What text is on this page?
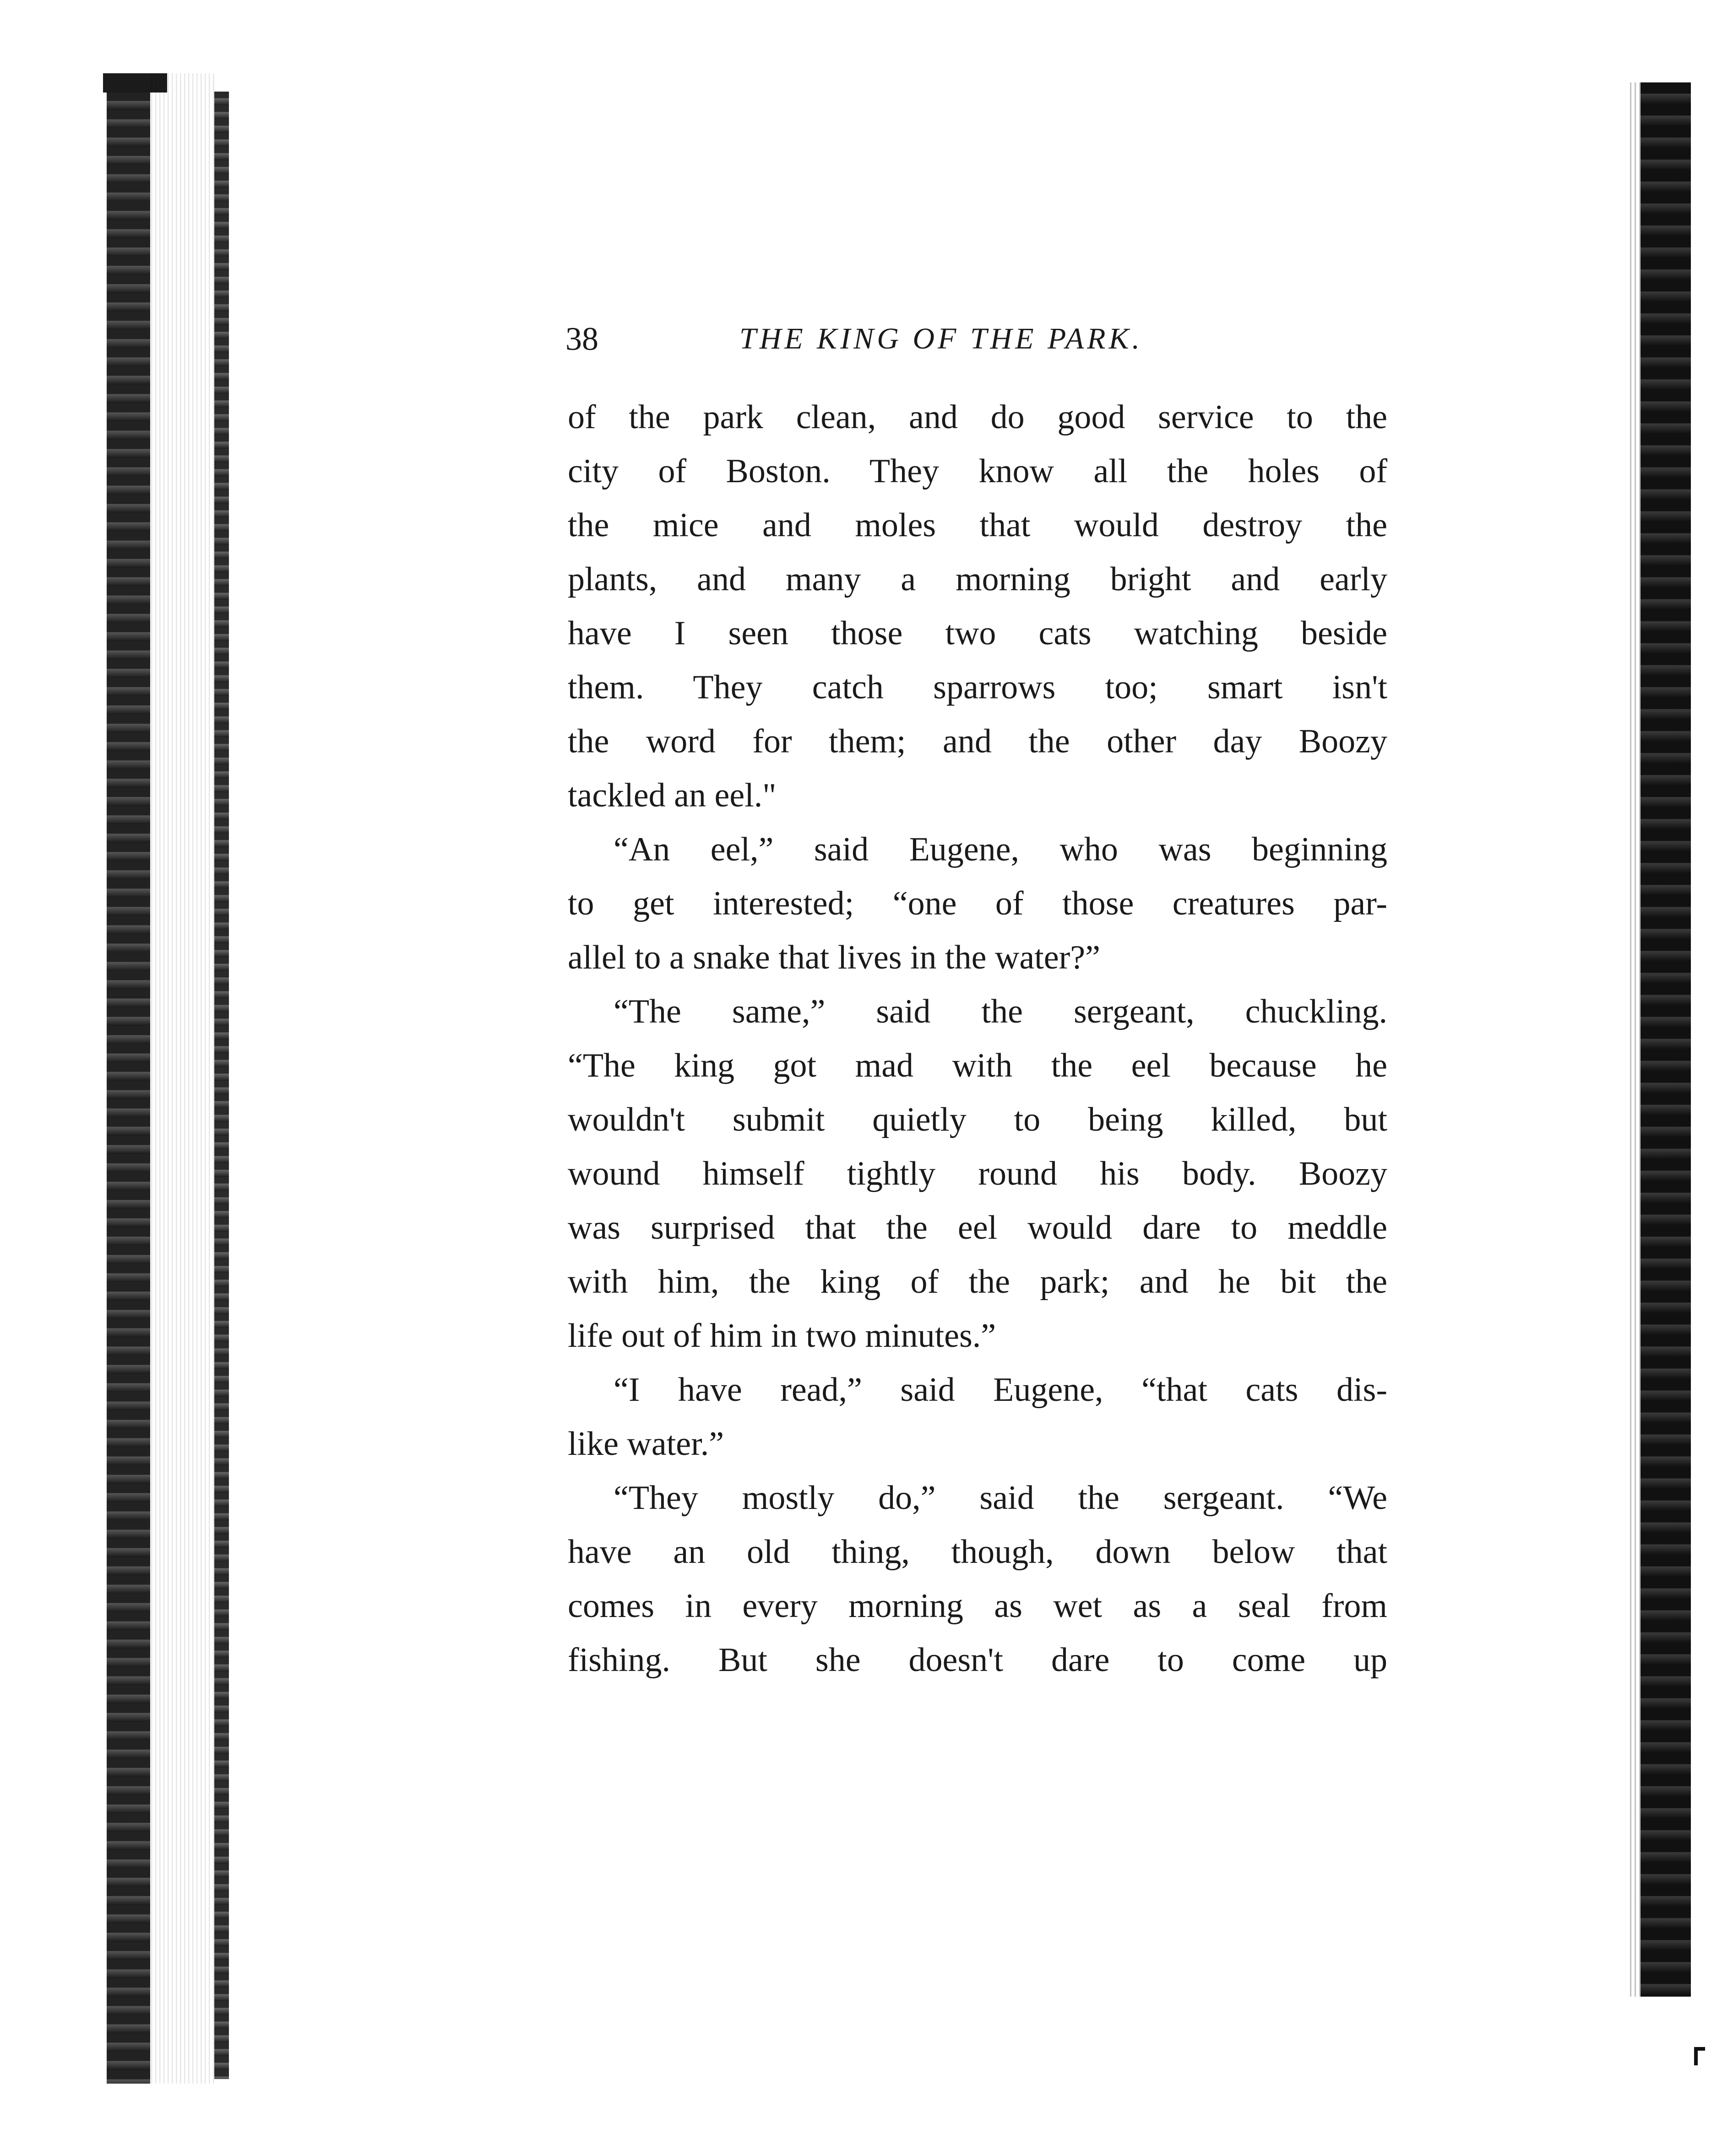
38	THE KING OF THE PARK.
of the park clean, and do good service to the
city of Boston. They know all the holes of
the mice and moles that would destroy the
plants, and many a morning bright and early
have I seen those two cats watching beside
them. They catch sparrows too; smart isn't
the word for them; and the other day Boozy
tackled an eel."
“An eel,” said Eugene, who was beginning
to get interested; “one of those creatures par-
allel to a snake that lives in the water?”
“The same,” said the sergeant, chuckling.
“The king got mad with the eel because he
wouldn't submit quietly to being killed, but
wound himself tightly round his body. Boozy
was surprised that the eel would dare to meddle
with him, the king of the park; and he bit the
life out of him in two minutes.”
“I have read,” said Eugene, “that cats dis-
like water.”
“They mostly do,” said the sergeant. “We
have an old thing, though, down below that
comes in every morning as wet as a seal from
fishing. But she doesn't dare to come up
